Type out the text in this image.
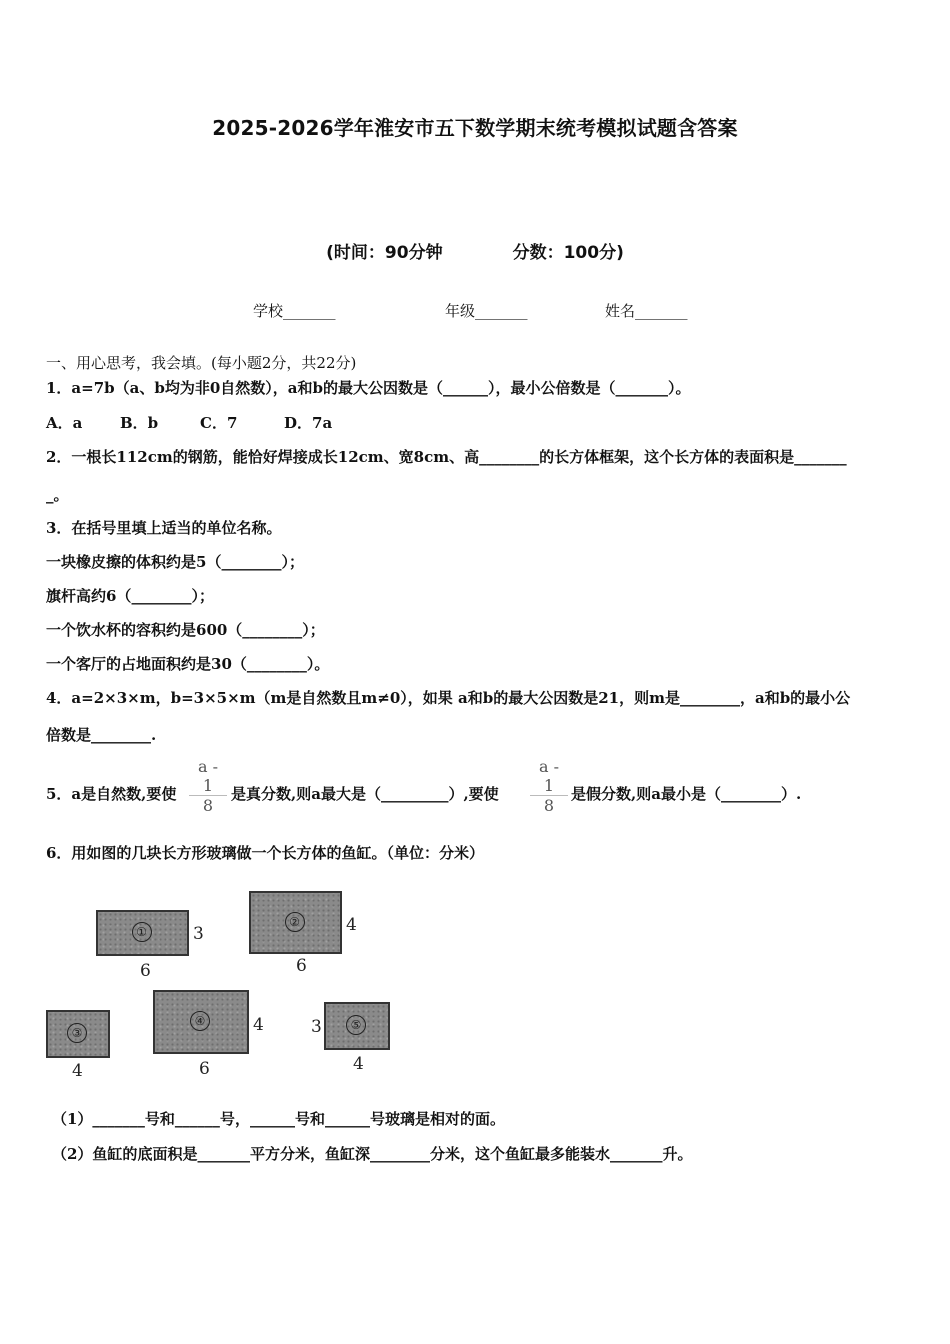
2025-2026学年淮安市五下数学期末统考模拟试题含答案
(时间：90分钟	分数：100分)
学校_______	年级_______	姓名_______
一、用心思考，我会填。(每小题2分，共22分)
1．a=7b（a、b均为非0自然数），a和b的最大公因数是（______），最小公倍数是（_______）。
A．a	B．b	C．7	D．7a
2．一根长112cm的钢筋，能恰好焊接成长12cm、宽8cm、高________的长方体框架，这个长方体的表面积是_______
_。
3．在括号里填上适当的单位名称。
一块橡皮擦的体积约是5（________）；
旗杆高约6（________）；
一个饮水杯的容积约是600（________）；
一个客厅的占地面积约是30（________）。
4．a=2×3×m，b=3×5×m（m是自然数且m≠0），如果 a和b的最大公因数是21，则m是________，a和b的最小公
倍数是________.
5．a是自然数,要使 $\frac{a - 1}{8}$ 是真分数,则a最大是（_________）,要使 $\frac{a - 1}{8}$ 是假分数,则a最小是（________）.
6．用如图的几块长方形玻璃做一个长方体的鱼缸。（单位：分米）
①	3
6
②	4
6
③
4
④	4
6
⑤
3
4
（1）_______号和______号，______号和______号玻璃是相对的面。
（2）鱼缸的底面积是_______平方分米，鱼缸深________分米，这个鱼缸最多能装水_______升。
